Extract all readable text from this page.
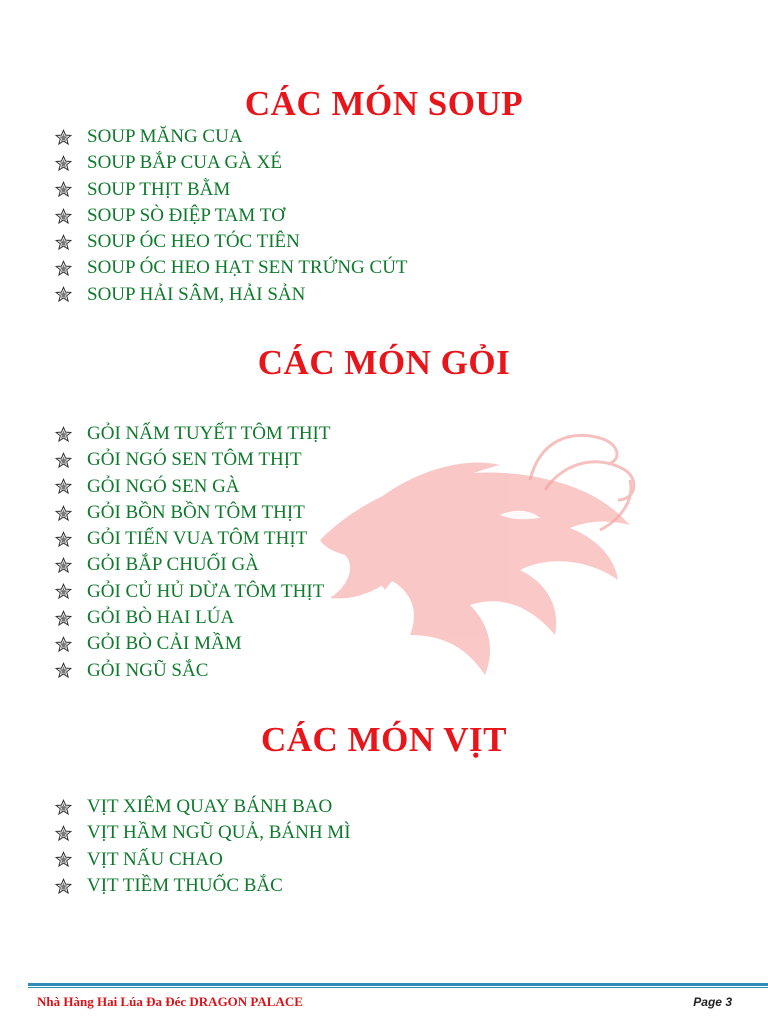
CÁC MÓN SOUP
SOUP MĂNG CUA
SOUP BẮP CUA GÀ XÉ
SOUP THỊT BẰM
SOUP SÒ ĐIỆP TAM TƠ
SOUP ÓC HEO TÓC TIÊN
SOUP ÓC HEO HẠT SEN TRỨNG CÚT
SOUP HẢI SÂM, HẢI SẢN
CÁC MÓN GỎI
GỎI NẤM TUYẾT TÔM THỊT
GỎI NGÓ SEN TÔM THỊT
GỎI NGÓ SEN GÀ
GỎI BỒN BỒN TÔM THỊT
GỎI TIẾN VUA TÔM THỊT
GỎI BẮP CHUỐI GÀ
GỎI CỦ HỦ DỪA TÔM THỊT
GỎI BÒ HAI LÚA
GỎI BÒ CẢI MẦM
GỎI NGŨ SẮC
CÁC MÓN VỊT
VỊT XIÊM QUAY BÁNH BAO
VỊT HẦM NGŨ QUẢ, BÁNH MÌ
VỊT NẤU CHAO
VỊT TIỀM THUỐC BẮC
Nhà Hàng Hai Lúa Đa Đéc DRAGON PALACE	Page 3
